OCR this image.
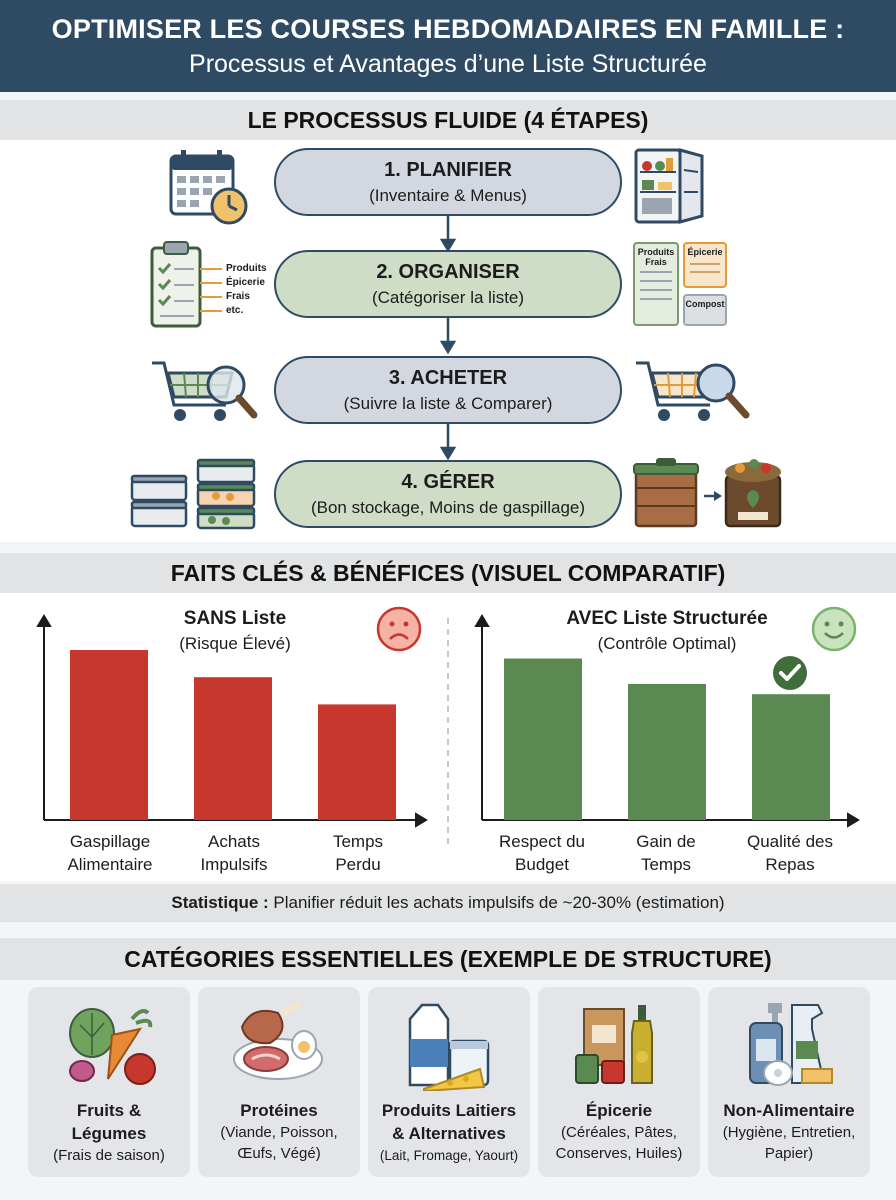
OPTIMISER LES COURSES HEBDOMADAIRES EN FAMILLE :
Processus et Avantages d’une Liste Structurée
LE PROCESSUS FLUIDE (4 ÉTAPES)
1. PLANIFIER
(Inventaire & Menus)
2. ORGANISER
(Catégoriser la liste)
3. ACHETER
(Suivre la liste & Comparer)
4. GÉRER
(Bon stockage, Moins de gaspillage)
Produits
Épicerie
Frais
etc.
Produits Frais
Épicerie
Compost
FAITS CLÉS & BÉNÉFICES (VISUEL COMPARATIF)
SANS Liste
(Risque Élevé)
AVEC Liste Structurée
(Contrôle Optimal)
Gaspillage
Alimentaire
Achats
Impulsifs
Temps
Perdu
Respect du
Budget
Gain de
Temps
Qualité des
Repas
Statistique : Planifier réduit les achats impulsifs de ~20-30% (estimation)
CATÉGORIES ESSENTIELLES (EXEMPLE DE STRUCTURE)
Fruits &
Légumes
(Frais de saison)
Protéines
(Viande, Poisson,
Œufs, Végé)
Produits Laitiers
& Alternatives
(Lait, Fromage, Yaourt)
Épicerie
(Céréales, Pâtes,
Conserves, Huiles)
Non-Alimentaire
(Hygiène, Entretien,
Papier)
